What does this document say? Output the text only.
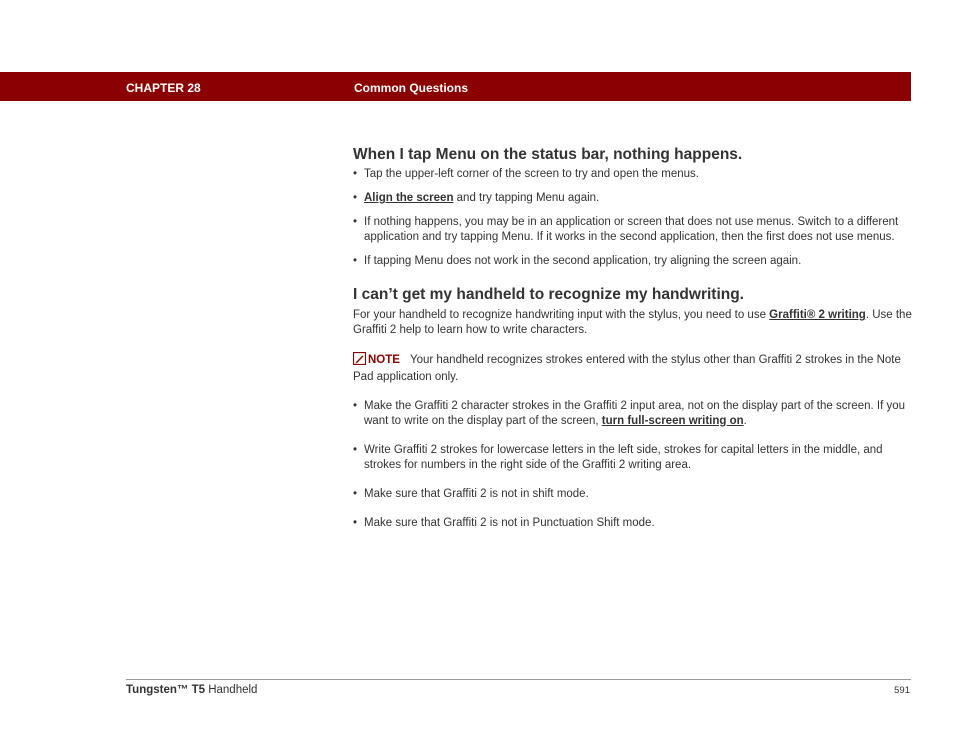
CHAPTER 28	Common Questions
When I tap Menu on the status bar, nothing happens.
• Tap the upper-left corner of the screen to try and open the menus.
• Align the screen and try tapping Menu again.
• If nothing happens, you may be in an application or screen that does not use menus. Switch to a different application and try tapping Menu. If it works in the second application, then the first does not use menus.
• If tapping Menu does not work in the second application, try aligning the screen again.
I can’t get my handheld to recognize my handwriting.

For your handheld to recognize handwriting input with the stylus, you need to use Graffiti® 2 writing. Use the Graffiti 2 help to learn how to write characters.

NOTE Your handheld recognizes strokes entered with the stylus other than Graffiti 2 strokes in the Note Pad application only.

• Make the Graffiti 2 character strokes in the Graffiti 2 input area, not on the display part of the screen. If you want to write on the display part of the screen, turn full-screen writing on.
• Write Graffiti 2 strokes for lowercase letters in the left side, strokes for capital letters in the middle, and strokes for numbers in the right side of the Graffiti 2 writing area.
• Make sure that Graffiti 2 is not in shift mode.
• Make sure that Graffiti 2 is not in Punctuation Shift mode.
Tungsten™ T5 Handheld	591
